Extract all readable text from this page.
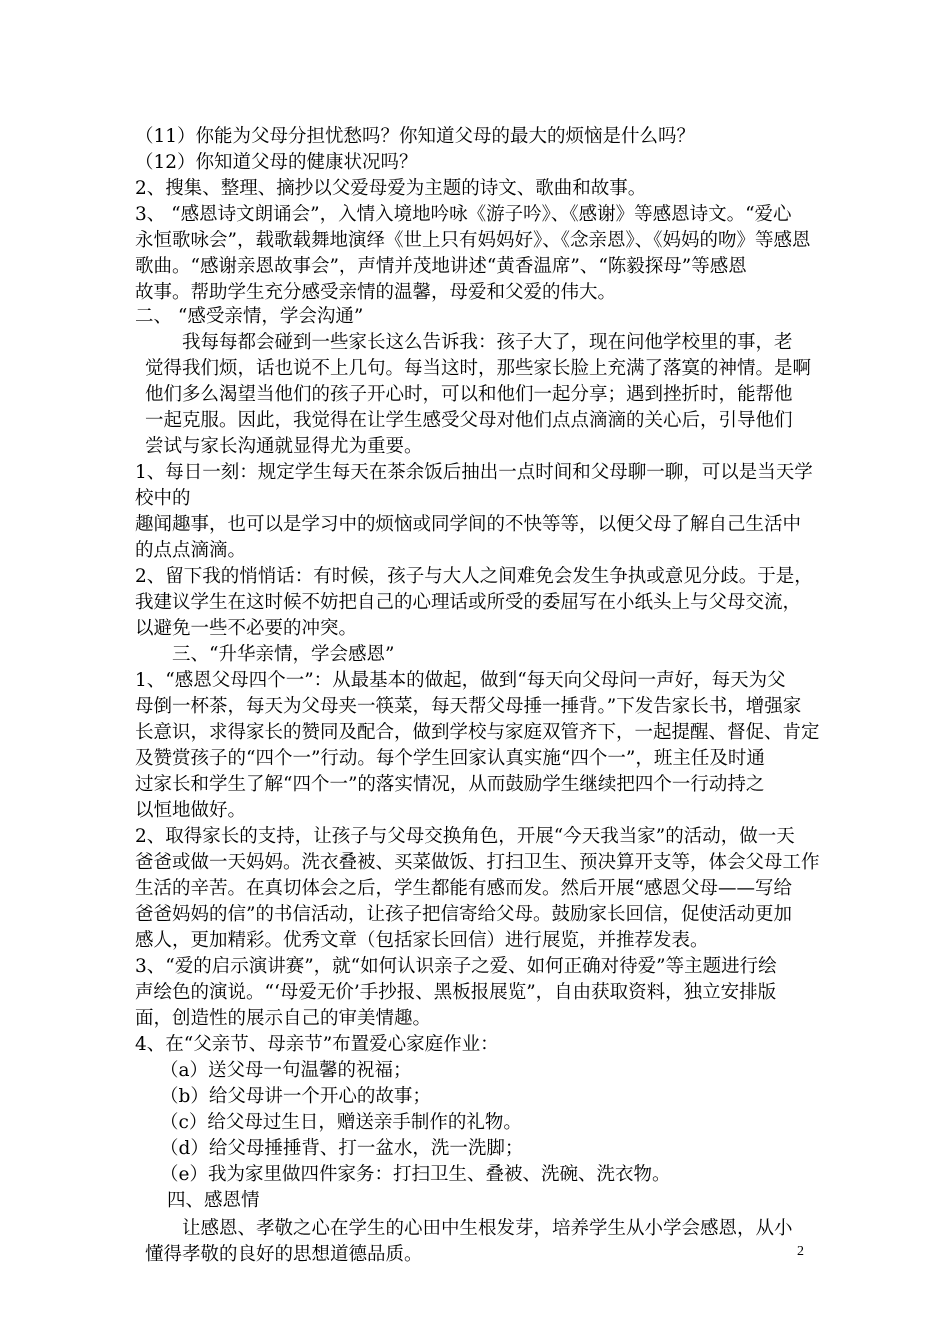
（11）你能为父母分担忧愁吗？你知道父母的最大的烦恼是什么吗？
（12）你知道父母的健康状况吗？
2、搜集、整理、摘抄以父爱母爱为主题的诗文、歌曲和故事。
3、 “感恩诗文朗诵会”，入情入境地吟咏《游子吟》、《感谢》等感恩诗文。“爱心
永恒歌咏会”，载歌载舞地演绎《世上只有妈妈好》、《念亲恩》、《妈妈的吻》等感恩
歌曲。“感谢亲恩故事会”，声情并茂地讲述“黄香温席”、“陈毅探母”等感恩
故事。帮助学生充分感受亲情的温馨，母爱和父爱的伟大。
二、 “感受亲情，学会沟通”
我每每都会碰到一些家长这么告诉我：孩子大了，现在问他学校里的事，老
觉得我们烦，话也说不上几句。每当这时，那些家长脸上充满了落寞的神情。是啊
他们多么渴望当他们的孩子开心时，可以和他们一起分享；遇到挫折时，能帮他
一起克服。因此，我觉得在让学生感受父母对他们点点滴滴的关心后，引导他们
尝试与家长沟通就显得尤为重要。
1、每日一刻：规定学生每天在茶余饭后抽出一点时间和父母聊一聊，可以是当天学
校中的
趣闻趣事，也可以是学习中的烦恼或同学间的不快等等，以便父母了解自己生活中
的点点滴滴。
2、留下我的悄悄话：有时候，孩子与大人之间难免会发生争执或意见分歧。于是，
我建议学生在这时候不妨把自己的心理话或所受的委屈写在小纸头上与父母交流，
以避免一些不必要的冲突。
三、“升华亲情，学会感恩”
1、“感恩父母四个一”：从最基本的做起，做到“每天向父母问一声好，每天为父
母倒一杯茶，每天为父母夹一筷菜，每天帮父母捶一捶背。”下发告家长书，增强家
长意识，求得家长的赞同及配合，做到学校与家庭双管齐下，一起提醒、督促、肯定
及赞赏孩子的“四个一”行动。每个学生回家认真实施“四个一”，班主任及时通
过家长和学生了解“四个一”的落实情况，从而鼓励学生继续把四个一行动持之
以恒地做好。
2、取得家长的支持，让孩子与父母交换角色，开展“今天我当家”的活动，做一天
爸爸或做一天妈妈。洗衣叠被、买菜做饭、打扫卫生、预决算开支等，体会父母工作
生活的辛苦。在真切体会之后，学生都能有感而发。然后开展“感恩父母——写给
爸爸妈妈的信”的书信活动，让孩子把信寄给父母。鼓励家长回信，促使活动更加
感人，更加精彩。优秀文章（包括家长回信）进行展览，并推荐发表。
3、“爱的启示演讲赛”，就“如何认识亲子之爱、如何正确对待爱”等主题进行绘
声绘色的演说。“‘母爱无价’手抄报、黑板报展览”，自由获取资料，独立安排版
面，创造性的展示自己的审美情趣。
4、在“父亲节、母亲节”布置爱心家庭作业：
（a）送父母一句温馨的祝福；
（b）给父母讲一个开心的故事；
（c）给父母过生日，赠送亲手制作的礼物。
（d）给父母捶捶背、打一盆水，洗一洗脚；
（e）我为家里做四件家务：打扫卫生、叠被、洗碗、洗衣物。
四、感恩情
让感恩、孝敬之心在学生的心田中生根发芽，培养学生从小学会感恩，从小
懂得孝敬的良好的思想道德品质。	2
